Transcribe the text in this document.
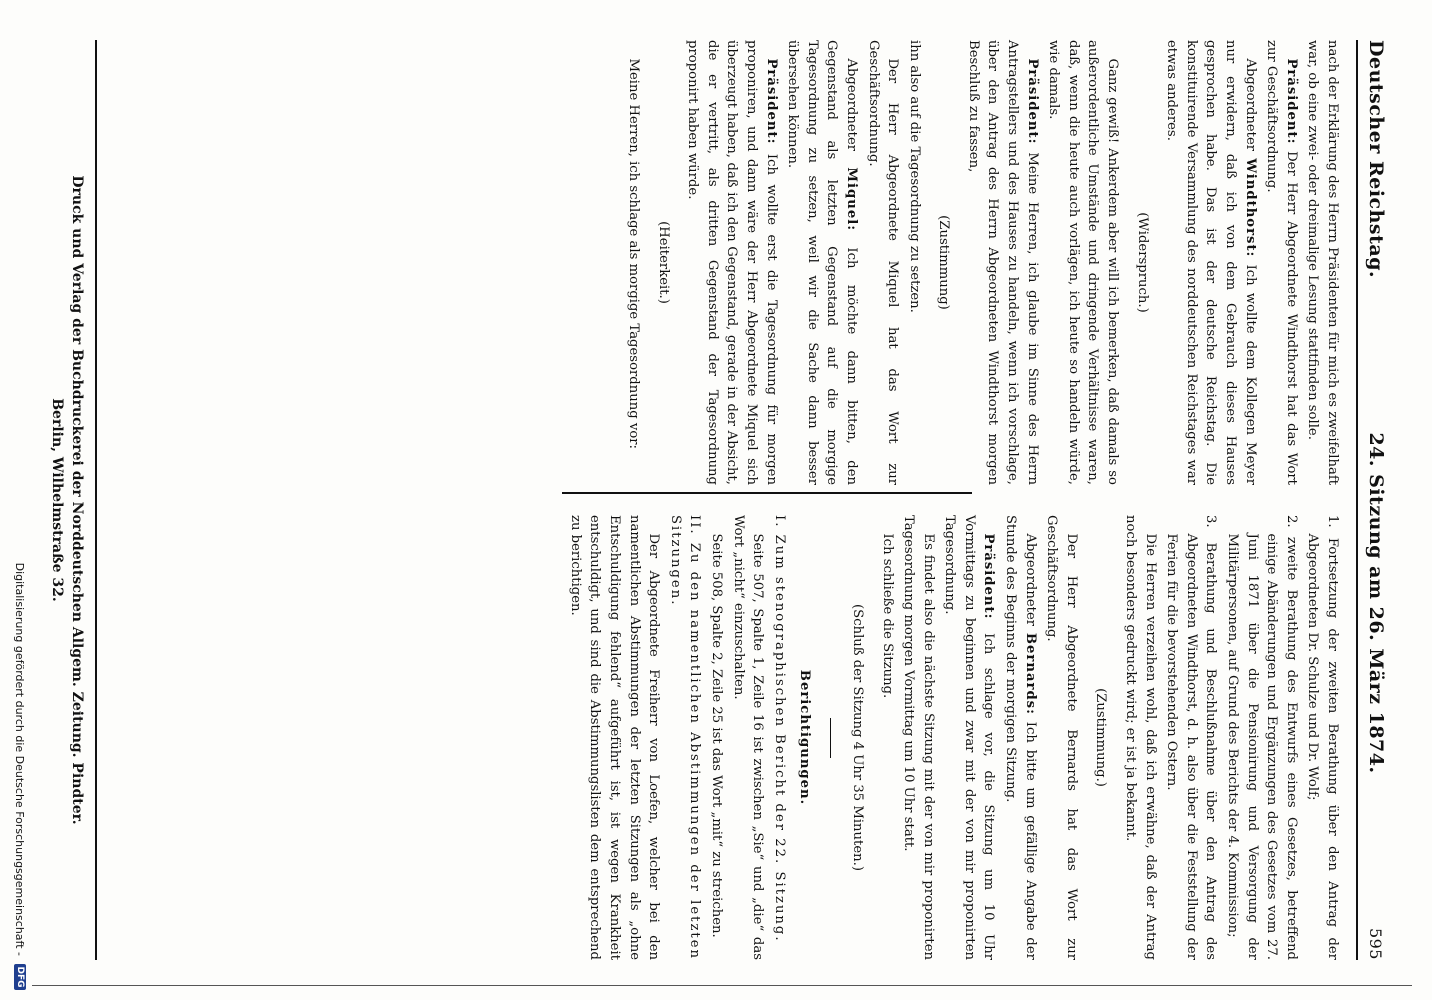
Deutscher Reichstag.
24. Sitzung am 26. März 1874.
595

nach der Erklärung des Herrn Präsidenten für mich es zweifelhaft war, ob eine zwei- oder dreimalige Lesung stattfinden solle.

Präsident: Der Herr Abgeordnete Windthorst hat das Wort zur Geschäftsordnung.

Abgeordneter Windthorst: Ich wollte dem Kollegen Meyer nur erwidern, daß ich von dem Gebrauch dieses Hauses gesprochen habe. Das ist der deutsche Reichstag. Die konstituirende Versammlung des norddeutschen Reichstages war etwas anderes.

(Widerspruch.)

Ganz gewiß! Ankerdem aber will ich bemerken, daß damals so außerordentliche Umstände und dringende Verhältnisse waren, daß, wenn die heute auch vorlägen, ich heute so handeln würde, wie damals.

Präsident: Meine Herren, ich glaube im Sinne des Herrn Antragstellers und des Hauses zu handeln, wenn ich vorschlage, über den Antrag des Herrn Abgeordneten Windthorst morgen Beschluß zu fassen,

(Zustimmung)

ihn also auf die Tagesordnung zu setzen.

Der Herr Abgeordnete Miquel hat das Wort zur Geschäftsordnung.

Abgeordneter Miquel: Ich möchte dann bitten, den Gegenstand als letzten Gegenstand auf die morgige Tagesordnung zu setzen, weil wir die Sache dann besser übersehen können.

Präsident: Ich wollte erst die Tagesordnung für morgen proponiren, und dann wäre der Herr Abgeordnete Miquel sich überzeugt haben, daß ich den Gegenstand, gerade in der Absicht, die er vertritt, als dritten Gegenstand der Tagesordnung proponirt haben würde.

(Heiterkeit.)

Meine Herren, ich schlage als morgige Tagesordnung vor:

1. Fortsetzung der zweiten Berathung über den Antrag der Abgeordneten Dr. Schulze und Dr. Wolf;

2. zweite Berathung des Entwurfs eines Gesetzes, betreffend einige Abänderungen und Ergänzungen des Gesetzes vom 27. Juni 1871 über die Pensionirung und Versorgung der Militärpersonen, auf Grund des Berichts der 4. Kommission;

3. Berathung und Beschlußnahme über den Antrag des Abgeordneten Windthorst, d. h. also über die Feststellung der Ferien für die bevorstehenden Ostern.

Die Herren verzeihen wohl, daß ich erwähne, daß der Antrag noch besonders gedruckt wird; er ist ja bekannt.

(Zustimmung.)

Der Herr Abgeordnete Bernards hat das Wort zur Geschäftsordnung.

Abgeordneter Bernards: Ich bitte um gefällige Angabe der Stunde des Beginns der morgigen Sitzung.

Präsident: Ich schlage vor, die Sitzung um 10 Uhr Vormittags zu beginnen und zwar mit der von mir proponirten Tagesordnung.

Es findet also die nächste Sitzung mit der von mir proponirten Tagesordnung morgen Vormittag um 10 Uhr statt.

Ich schließe die Sitzung.

(Schluß der Sitzung 4 Uhr 35 Minuten.)

Berichtigungen.

I. Zum stenographischen Bericht der 22. Sitzung.

Seite 507, Spalte 1, Zeile 16 ist zwischen „Sie“ und „die“ das Wort „nicht“ einzuschalten.

Seite 508, Spalte 2, Zeile 25 ist das Wort „mit“ zu streichen.

II. Zu den namentlichen Abstimmungen der letzten Sitzungen.

Der Abgeordnete Freiherr von Loefen, welcher bei den namentlichen Abstimmungen der letzten Sitzungen als „ohne Entschuldigung fehlend“ aufgeführt ist, ist wegen Krankheit entschuldigt, und sind die Abstimmungslisten dem entsprechend zu berichtigen.

Druck und Verlag der Buchdruckerei der Norddeutschen Allgem. Zeitung. Pindter.
Berlin, Wilhelmstraße 32.
Digitalisierung gefördert durch die Deutsche Forschungsgemeinschaft -
DFG
